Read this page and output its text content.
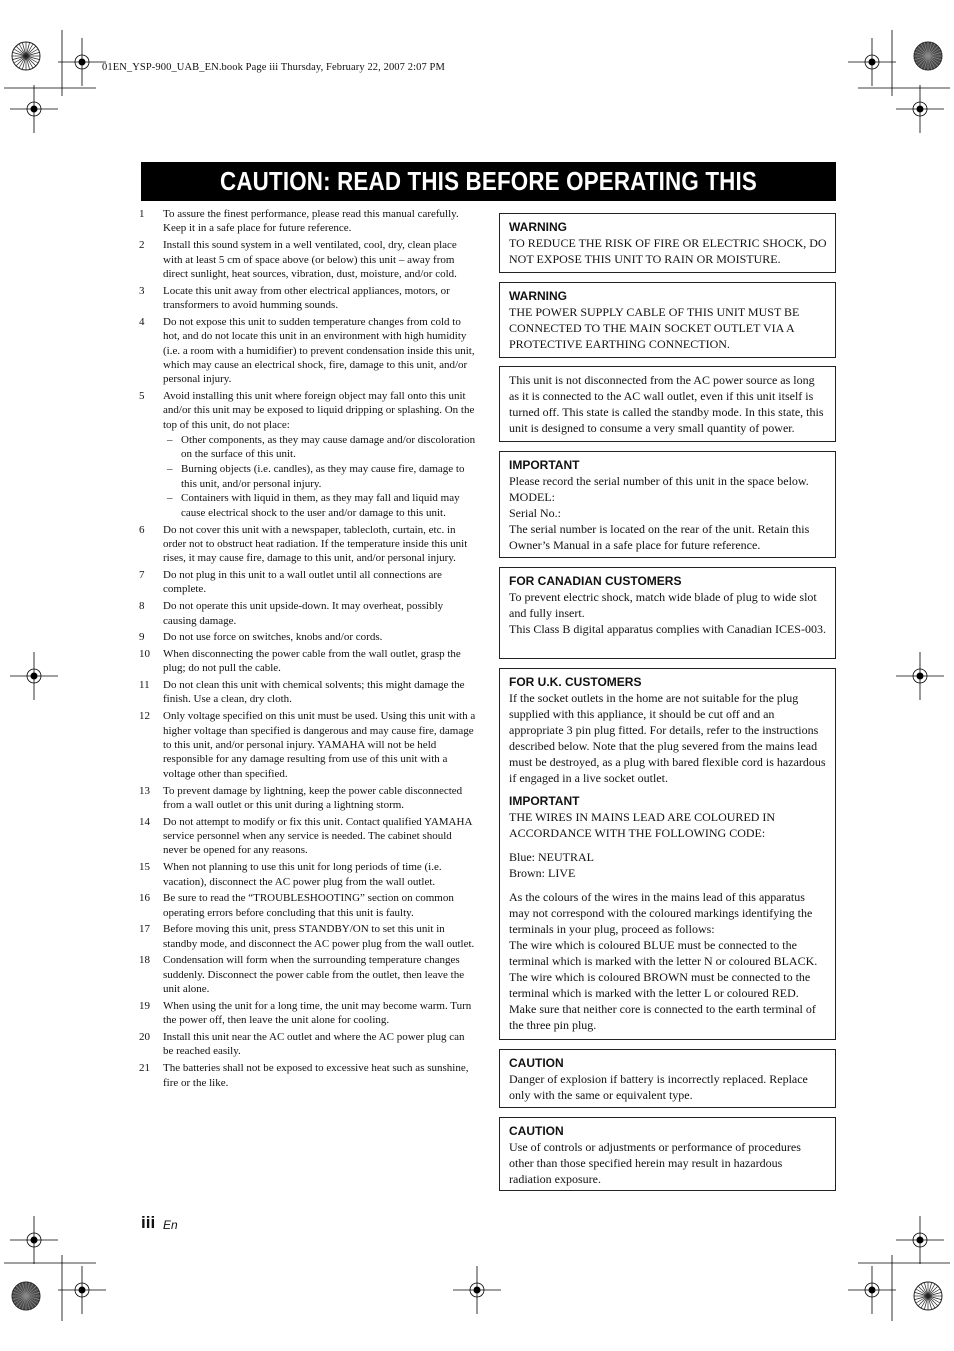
01EN_YSP-900_UAB_EN.book Page iii Thursday, February 22, 2007 2:07 PM
CAUTION: READ THIS BEFORE OPERATING THIS UNIT.
1	To assure the finest performance, please read this manual carefully. Keep it in a safe place for future reference.
2	Install this sound system in a well ventilated, cool, dry, clean place with at least 5 cm of space above (or below) this unit – away from direct sunlight, heat sources, vibration, dust, moisture, and/or cold.
3	Locate this unit away from other electrical appliances, motors, or transformers to avoid humming sounds.
4	Do not expose this unit to sudden temperature changes from cold to hot, and do not locate this unit in an environment with high humidity (i.e. a room with a humidifier) to prevent condensation inside this unit, which may cause an electrical shock, fire, damage to this unit, and/or personal injury.
5	Avoid installing this unit where foreign object may fall onto this unit and/or this unit may be exposed to liquid dripping or splashing. On the top of this unit, do not place:
– Other components, as they may cause damage and/or discoloration on the surface of this unit.
– Burning objects (i.e. candles), as they may cause fire, damage to this unit, and/or personal injury.
– Containers with liquid in them, as they may fall and liquid may cause electrical shock to the user and/or damage to this unit.
6	Do not cover this unit with a newspaper, tablecloth, curtain, etc. in order not to obstruct heat radiation. If the temperature inside this unit rises, it may cause fire, damage to this unit, and/or personal injury.
7	Do not plug in this unit to a wall outlet until all connections are complete.
8	Do not operate this unit upside-down. It may overheat, possibly causing damage.
9	Do not use force on switches, knobs and/or cords.
10	When disconnecting the power cable from the wall outlet, grasp the plug; do not pull the cable.
11	Do not clean this unit with chemical solvents; this might damage the finish. Use a clean, dry cloth.
12	Only voltage specified on this unit must be used. Using this unit with a higher voltage than specified is dangerous and may cause fire, damage to this unit, and/or personal injury. YAMAHA will not be held responsible for any damage resulting from use of this unit with a voltage other than specified.
13	To prevent damage by lightning, keep the power cable disconnected from a wall outlet or this unit during a lightning storm.
14	Do not attempt to modify or fix this unit. Contact qualified YAMAHA service personnel when any service is needed. The cabinet should never be opened for any reasons.
15	When not planning to use this unit for long periods of time (i.e. vacation), disconnect the AC power plug from the wall outlet.
16	Be sure to read the “TROUBLESHOOTING” section on common operating errors before concluding that this unit is faulty.
17	Before moving this unit, press STANDBY/ON to set this unit in standby mode, and disconnect the AC power plug from the wall outlet.
18	Condensation will form when the surrounding temperature changes suddenly. Disconnect the power cable from the outlet, then leave the unit alone.
19	When using the unit for a long time, the unit may become warm. Turn the power off, then leave the unit alone for cooling.
20	Install this unit near the AC outlet and where the AC power plug can be reached easily.
21	The batteries shall not be exposed to excessive heat such as sunshine, fire or the like.
WARNING

TO REDUCE THE RISK OF FIRE OR ELECTRIC SHOCK, DO NOT EXPOSE THIS UNIT TO RAIN OR MOISTURE.

WARNING

THE POWER SUPPLY CABLE OF THIS UNIT MUST BE CONNECTED TO THE MAIN SOCKET OUTLET VIA A PROTECTIVE EARTHING CONNECTION.

This unit is not disconnected from the AC power source as long as it is connected to the AC wall outlet, even if this unit itself is turned off. This state is called the standby mode. In this state, this unit is designed to consume a very small quantity of power.

IMPORTANT

Please record the serial number of this unit in the space below.

MODEL:

Serial No.:

The serial number is located on the rear of the unit. Retain this Owner’s Manual in a safe place for future reference.

FOR CANADIAN CUSTOMERS

To prevent electric shock, match wide blade of plug to wide slot and fully insert.

This Class B digital apparatus complies with Canadian ICES-003.

FOR U.K. CUSTOMERS

If the socket outlets in the home are not suitable for the plug supplied with this appliance, it should be cut off and an appropriate 3 pin plug fitted. For details, refer to the instructions described below. Note that the plug severed from the mains lead must be destroyed, as a plug with bared flexible cord is hazardous if engaged in a live socket outlet.

IMPORTANT

THE WIRES IN MAINS LEAD ARE COLOURED IN ACCORDANCE WITH THE FOLLOWING CODE:

Blue: NEUTRAL

Brown: LIVE

As the colours of the wires in the mains lead of this apparatus may not correspond with the coloured markings identifying the terminals in your plug, proceed as follows:

The wire which is coloured BLUE must be connected to the terminal which is marked with the letter N or coloured BLACK. The wire which is coloured BROWN must be connected to the terminal which is marked with the letter L or coloured RED. Make sure that neither core is connected to the earth terminal of the three pin plug.

CAUTION

Danger of explosion if battery is incorrectly replaced. Replace only with the same or equivalent type.

CAUTION

Use of controls or adjustments or performance of procedures other than those specified herein may result in hazardous radiation exposure.

iii En
